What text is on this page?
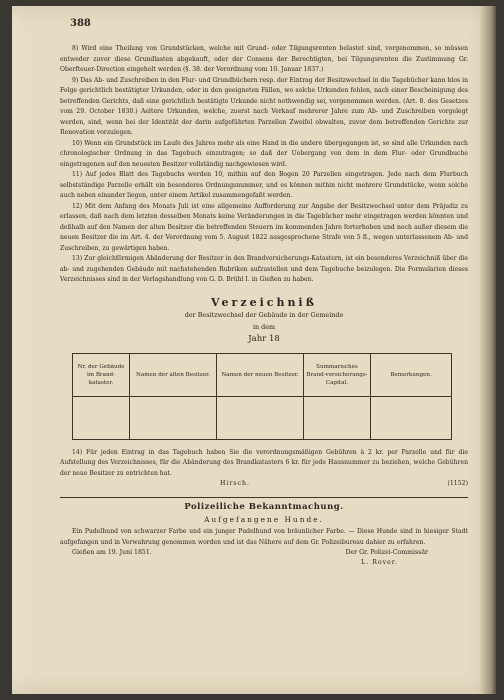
388

8) Wird eine Theilung von Grundstücken, welche mit Grund- oder Tilgungsrenten belastet sind, vorgenommen, so müssen entweder zuvor diese Grundlasten abgekauft, oder der Consens der Berechtigten, bei Tilgungsrenten die Zustimmung Gr. Oberfteuer-Direction eingeholt werden (§. 38. der Verordnung vom 10. Januar 1837.)

9) Das Ab- und Zuschreiben in den Flur- und Grundbüchern resp. der Eintrag der Besitzwechsel in die Tagebücher kann blos in Folge gerichtlich bestätigter Urkunden, oder in den geeigneten Fällen, wo solche Urkunden fehlen, nach einer Bescheinigung des betreffenden Gerichts, daß eine gerichtlich bestätigte Urkunde nicht nothwendig sei, vorgenommen werden. (Art. 8. des Gesetzes vom 29. October 1830.) Aeltere Urkunden, welche, zuerst nach Verkauf mehrerer Jahre zum Ab- und Zuschreiben vorgelegt werden, sind, wenn bei der Identität der darin aufgeführten Parzellen Zweifel obwalten, zuvor dem betreffenden Gerichte zur Renovation vorzulegen.

10) Wenn ein Grundstück im Laufe des Jahres mehr als eine Hand in die andere übergegangen ist, so sind alle Urkunden nach chronologischer Ordnung in das Tagebuch einzutragen; so daß der Uebergang von dem in dem Flur- oder Grundbuche eingetragenen auf den neuesten Besitzer vollständig nachgewiesen wird.

11) Auf jedes Blatt des Tagebuchs werden 10, mithin auf den Bogen 20 Parzellen eingetragen. Jede nach dem Flurbuch selbstständige Parzelle erhält ein besonderes Ordnungsnummer, und es können mithin nicht mehrere Grundstücke, wenn solche auch neben einander liegen, unter einem Artikel zusammengefaßt werden.

12) Mit dem Anfang des Monats Juli ist eine allgemeine Aufforderung zur Angabe der Besitzwechsel unter dem Präjudiz zu erlassen, daß nach dem letzten desselben Monats keine Veränderungen in die Tagebücher mehr eingetragen werden könnten und deßhalb auf den Namen der alten Besitzer die betreffenden Steuern im kommenden Jahre forterhoben und noch außer diesem die neuen Besitzer die im Art. 4. der Verordnung vom 5. August 1822 ausgesprochene Strafe von 5 fl., wegen unterlassenem Ab- und Zuschreiben, zu gewärtigen haben.

13) Zur gleichförmigen Abänderung der Besitzer in den Brandversicherungs-Katastern, ist ein besonderes Verzeichniß über die ab- und zugehenden Gebäude mit nachstehenden Rubriken aufzustellen und dem Tagebuche beizulegen. Die Formularien dieses Verzeichnisses sind in der Verlagshandlung von G. D. Brühl I. in Gießen zu haben.

Verzeichniß
der Besitzwechsel der Gebäude in der Gemeinde
in dem
Jahr 18
Nr. der Gebäude im Brand-kataster.	Namen der alten Besitzer.	Namen der neuen Besitzer.	Summarisches Brand-versicherungs-Capital.	Bemerkungen.

14) Für jeden Eintrag in das Tagebuch haben Sie die verordnungsmäßigen Gebühren à 2 kr. per Parzelle und für die Aufstellung des Verzeichnisses, für die Abänderung des Brandkatasters 6 kr. für jede Hausnummer zu beziehen, welche Gebühren der neue Besitzer zu entrichten hat.

Hirsch.	(1152)
Polizeiliche Bekanntmachung.
Aufgefangene Hunde.

Ein Pudelhund von schwarzer Farbe und ein junger Pudelhund von bräunlicher Farbe. — Diese Hunde sind in hiesiger Stadt aufgefangen und in Verwahrung genommen worden und ist das Nähere auf dem Gr. Polizeibureau dahier zu erfahren.

Gießen am 19. Juni 1851.	Der Gr. Polizei-Commissär
L. Rover.
